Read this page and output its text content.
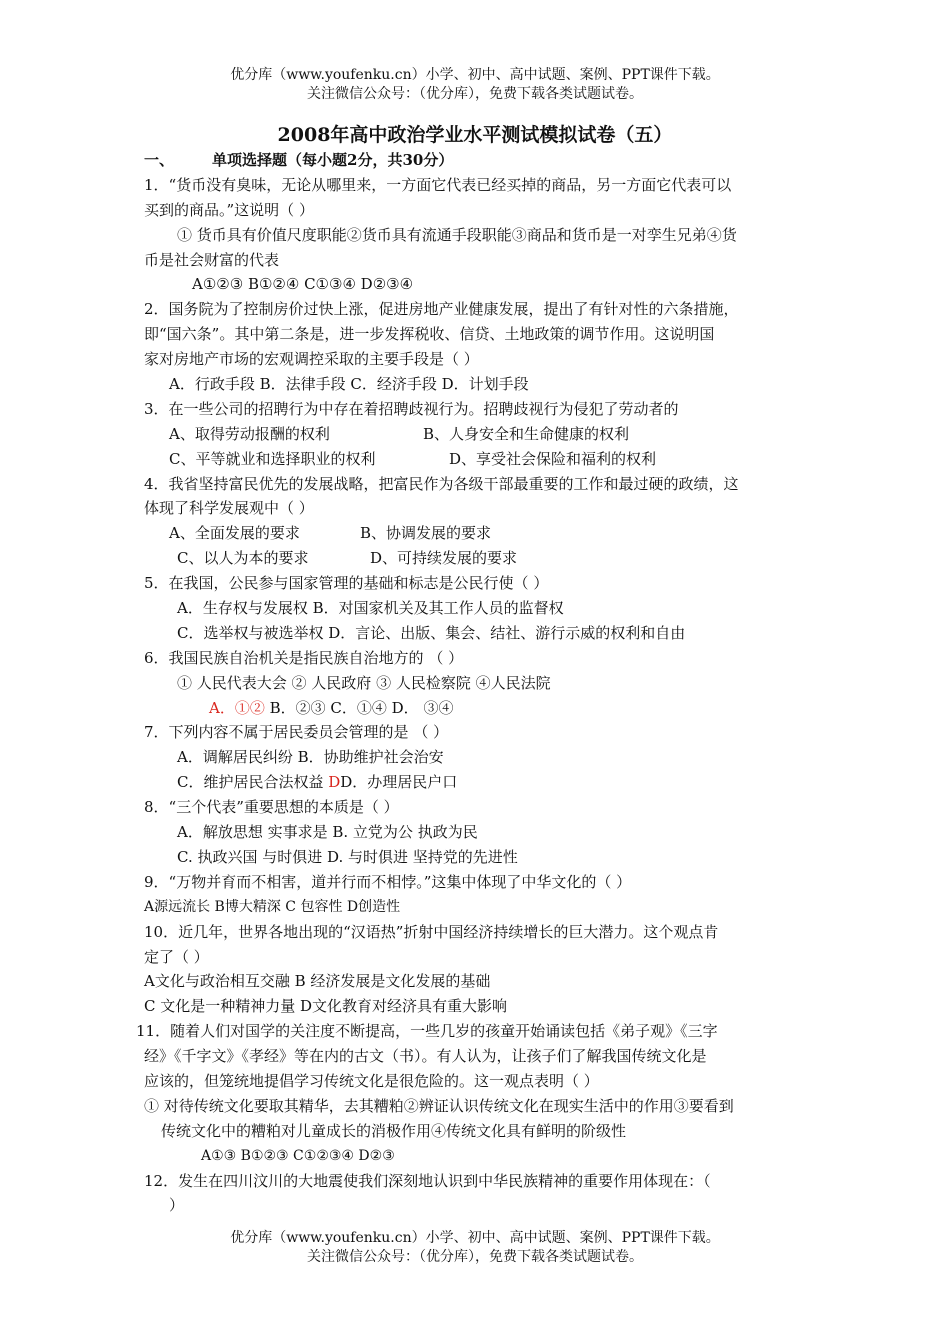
优分库（www.youfenku.cn）小学、初中、高中试题、案例、PPT课件下载。
关注微信公众号：（优分库），免费下载各类试题试卷。
2008年高中政治学业水平测试模拟试卷（五）
一、	单项选择题（每小题2分，共30分）
1．“货币没有臭味，无论从哪里来，一方面它代表已经买掉的商品，另一方面它代表可以
买到的商品。”这说明（ ）
① 货币具有价值尺度职能②货币具有流通手段职能③商品和货币是一对孪生兄弟④货
币是社会财富的代表
A①②③ B①②④ C①③④ D②③④
2．国务院为了控制房价过快上涨，促进房地产业健康发展，提出了有针对性的六条措施，
即“国六条”。其中第二条是，进一步发挥税收、信贷、土地政策的调节作用。这说明国
家对房地产市场的宏观调控采取的主要手段是（ ）
A．行政手段 B．法律手段 C．经济手段 D．计划手段
3．在一些公司的招聘行为中存在着招聘歧视行为。招聘歧视行为侵犯了劳动者的
A、取得劳动报酬的权利	B、人身安全和生命健康的权利
C、平等就业和选择职业的权利	D、享受社会保险和福利的权利
4．我省坚持富民优先的发展战略，把富民作为各级干部最重要的工作和最过硬的政绩，这
体现了科学发展观中（ ）
A、全面发展的要求	B、协调发展的要求
C、以人为本的要求	D、可持续发展的要求
5．在我国，公民参与国家管理的基础和标志是公民行使（ ）
A．生存权与发展权 B．对国家机关及其工作人员的监督权
C．选举权与被选举权 D．言论、出版、集会、结社、游行示威的权利和自由
6．我国民族自治机关是指民族自治地方的 （ ）
① 人民代表大会 ② 人民政府 ③ 人民检察院 ④人民法院
A．①② B．②③ C．①④ D． ③④
7．下列内容不属于居民委员会管理的是 （ ）
A．调解居民纠纷 B．协助维护社会治安
C．维护居民合法权益 DD．办理居民户口
8．“三个代表”重要思想的本质是（ ）
A．解放思想 实事求是 B. 立党为公 执政为民
C. 执政兴国 与时俱进 D. 与时俱进 坚持党的先进性
9．“万物并育而不相害，道并行而不相悖。”这集中体现了中华文化的（ ）
A源远流长 B博大精深 C 包容性 D创造性
10．近几年，世界各地出现的“汉语热”折射中国经济持续增长的巨大潜力。这个观点肯
定了（ ）
A文化与政治相互交融 B 经济发展是文化发展的基础
C 文化是一种精神力量 D文化教育对经济具有重大影响
11．随着人们对国学的关注度不断提高，一些几岁的孩童开始诵读包括《弟子观》《三字
经》《千字文》《孝经》等在内的古文（书）。有人认为，让孩子们了解我国传统文化是
应该的，但笼统地提倡学习传统文化是很危险的。这一观点表明（ ）
① 对待传统文化要取其精华，去其糟粕②辨证认识传统文化在现实生活中的作用③要看到
传统文化中的糟粕对儿童成长的消极作用④传统文化具有鲜明的阶级性
A①③ B①②③ C①②③④ D②③
12．发生在四川汶川的大地震使我们深刻地认识到中华民族精神的重要作用体现在：（
）
优分库（www.youfenku.cn）小学、初中、高中试题、案例、PPT课件下载。
关注微信公众号：（优分库），免费下载各类试题试卷。
